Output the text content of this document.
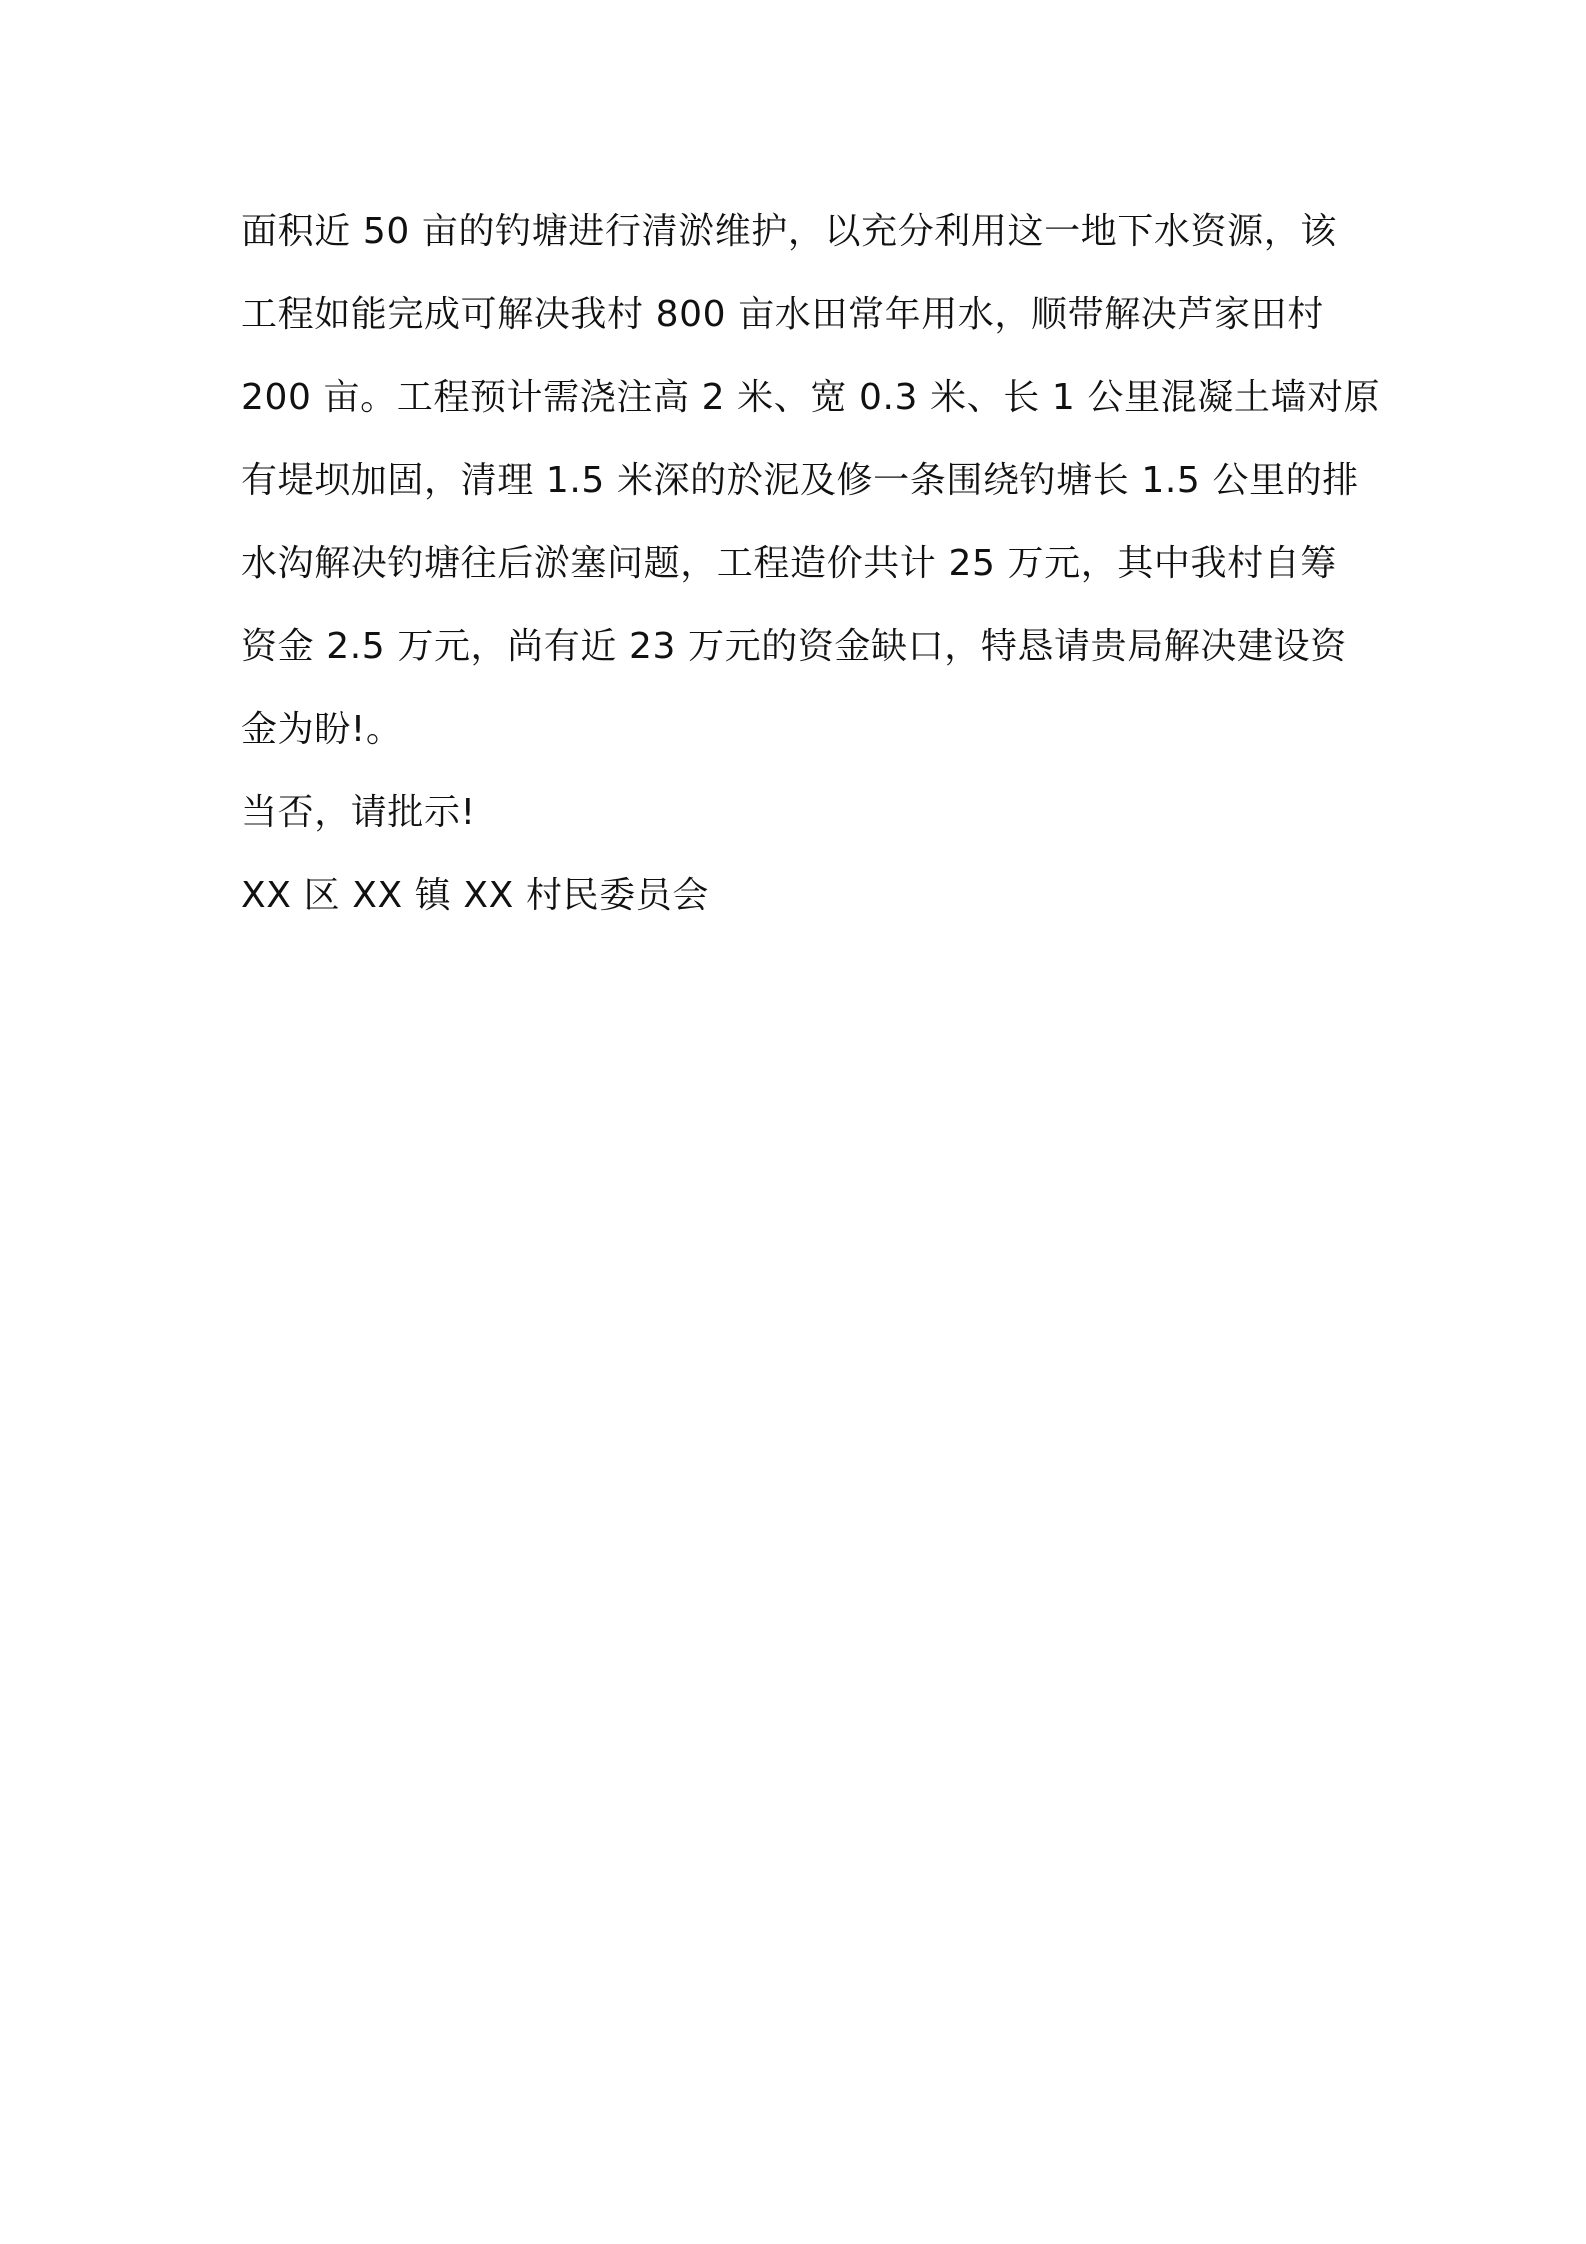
面积近 50 亩的钓塘进行清淤维护，以充分利用这一地下水资源，该
工程如能完成可解决我村 800 亩水田常年用水，顺带解决芦家田村
200 亩。工程预计需浇注高 2 米、宽 0.3 米、长 1 公里混凝土墙对原
有堤坝加固，清理 1.5 米深的於泥及修一条围绕钓塘长 1.5 公里的排
水沟解决钓塘往后淤塞问题，工程造价共计 25 万元，其中我村自筹
资金 2.5 万元，尚有近 23 万元的资金缺口，特恳请贵局解决建设资
金为盼!。
当否，请批示!
XX 区 XX 镇 XX 村民委员会
